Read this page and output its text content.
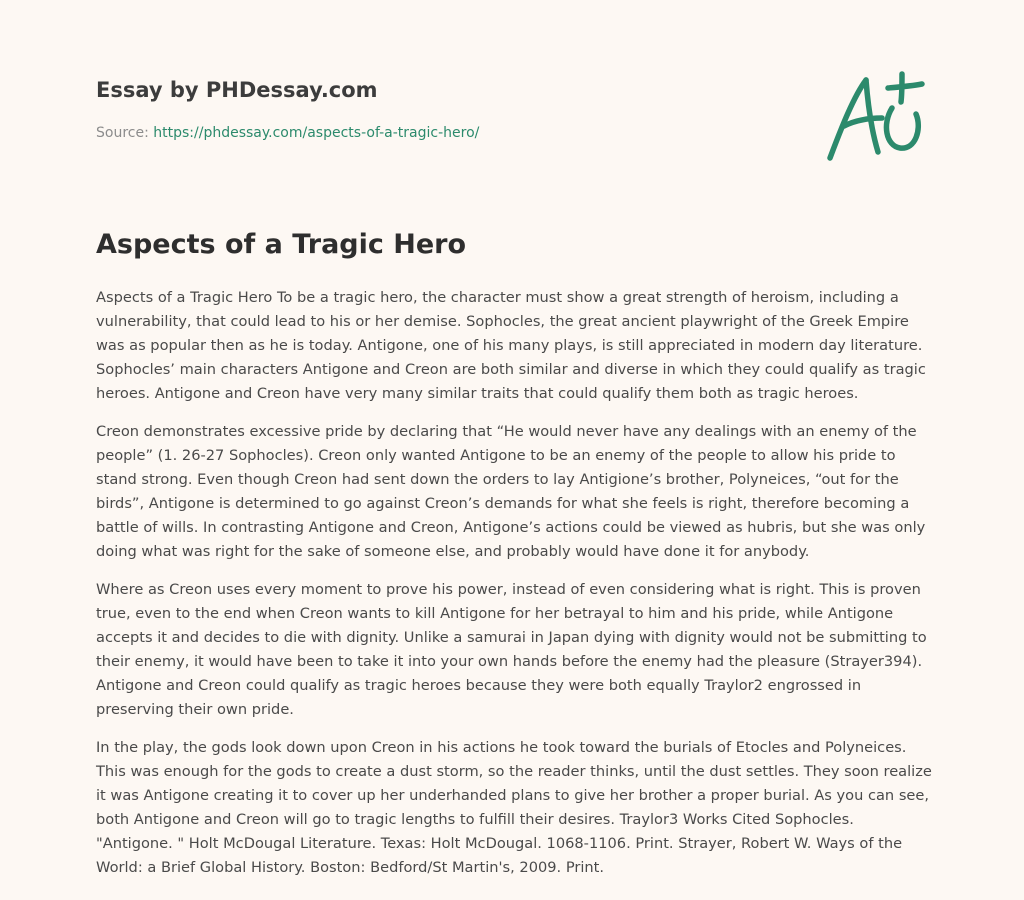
Essay by PHDessay.com
Source: https://phdessay.com/aspects-of-a-tragic-hero/
Aspects of a Tragic Hero

Aspects of a Tragic Hero To be a tragic hero, the character must show a great strength of heroism, including a vulnerability, that could lead to his or her demise. Sophocles, the great ancient playwright of the Greek Empire was as popular then as he is today. Antigone, one of his many plays, is still appreciated in modern day literature. Sophocles’ main characters Antigone and Creon are both similar and diverse in which they could qualify as tragic heroes. Antigone and Creon have very many similar traits that could qualify them both as tragic heroes.

Creon demonstrates excessive pride by declaring that “He would never have any dealings with an enemy of the people” (1. 26-27 Sophocles). Creon only wanted Antigone to be an enemy of the people to allow his pride to stand strong. Even though Creon had sent down the orders to lay Antigione’s brother, Polyneices, “out for the birds”, Antigone is determined to go against Creon’s demands for what she feels is right, therefore becoming a battle of wills. In contrasting Antigone and Creon, Antigone’s actions could be viewed as hubris, but she was only doing what was right for the sake of someone else, and probably would have done it for anybody.

Where as Creon uses every moment to prove his power, instead of even considering what is right. This is proven true, even to the end when Creon wants to kill Antigone for her betrayal to him and his pride, while Antigone accepts it and decides to die with dignity. Unlike a samurai in Japan dying with dignity would not be submitting to their enemy, it would have been to take it into your own hands before the enemy had the pleasure (Strayer394). Antigone and Creon could qualify as tragic heroes because they were both equally Traylor2 engrossed in preserving their own pride.

In the play, the gods look down upon Creon in his actions he took toward the burials of Etocles and Polyneices. This was enough for the gods to create a dust storm, so the reader thinks, until the dust settles. They soon realize it was Antigone creating it to cover up her underhanded plans to give her brother a proper burial. As you can see, both Antigone and Creon will go to tragic lengths to fulfill their desires. Traylor3 Works Cited Sophocles. "Antigone. " Holt McDougal Literature. Texas: Holt McDougal. 1068-1106. Print. Strayer, Robert W. Ways of the World: a Brief Global History. Boston: Bedford/St Martin's, 2009. Print.
